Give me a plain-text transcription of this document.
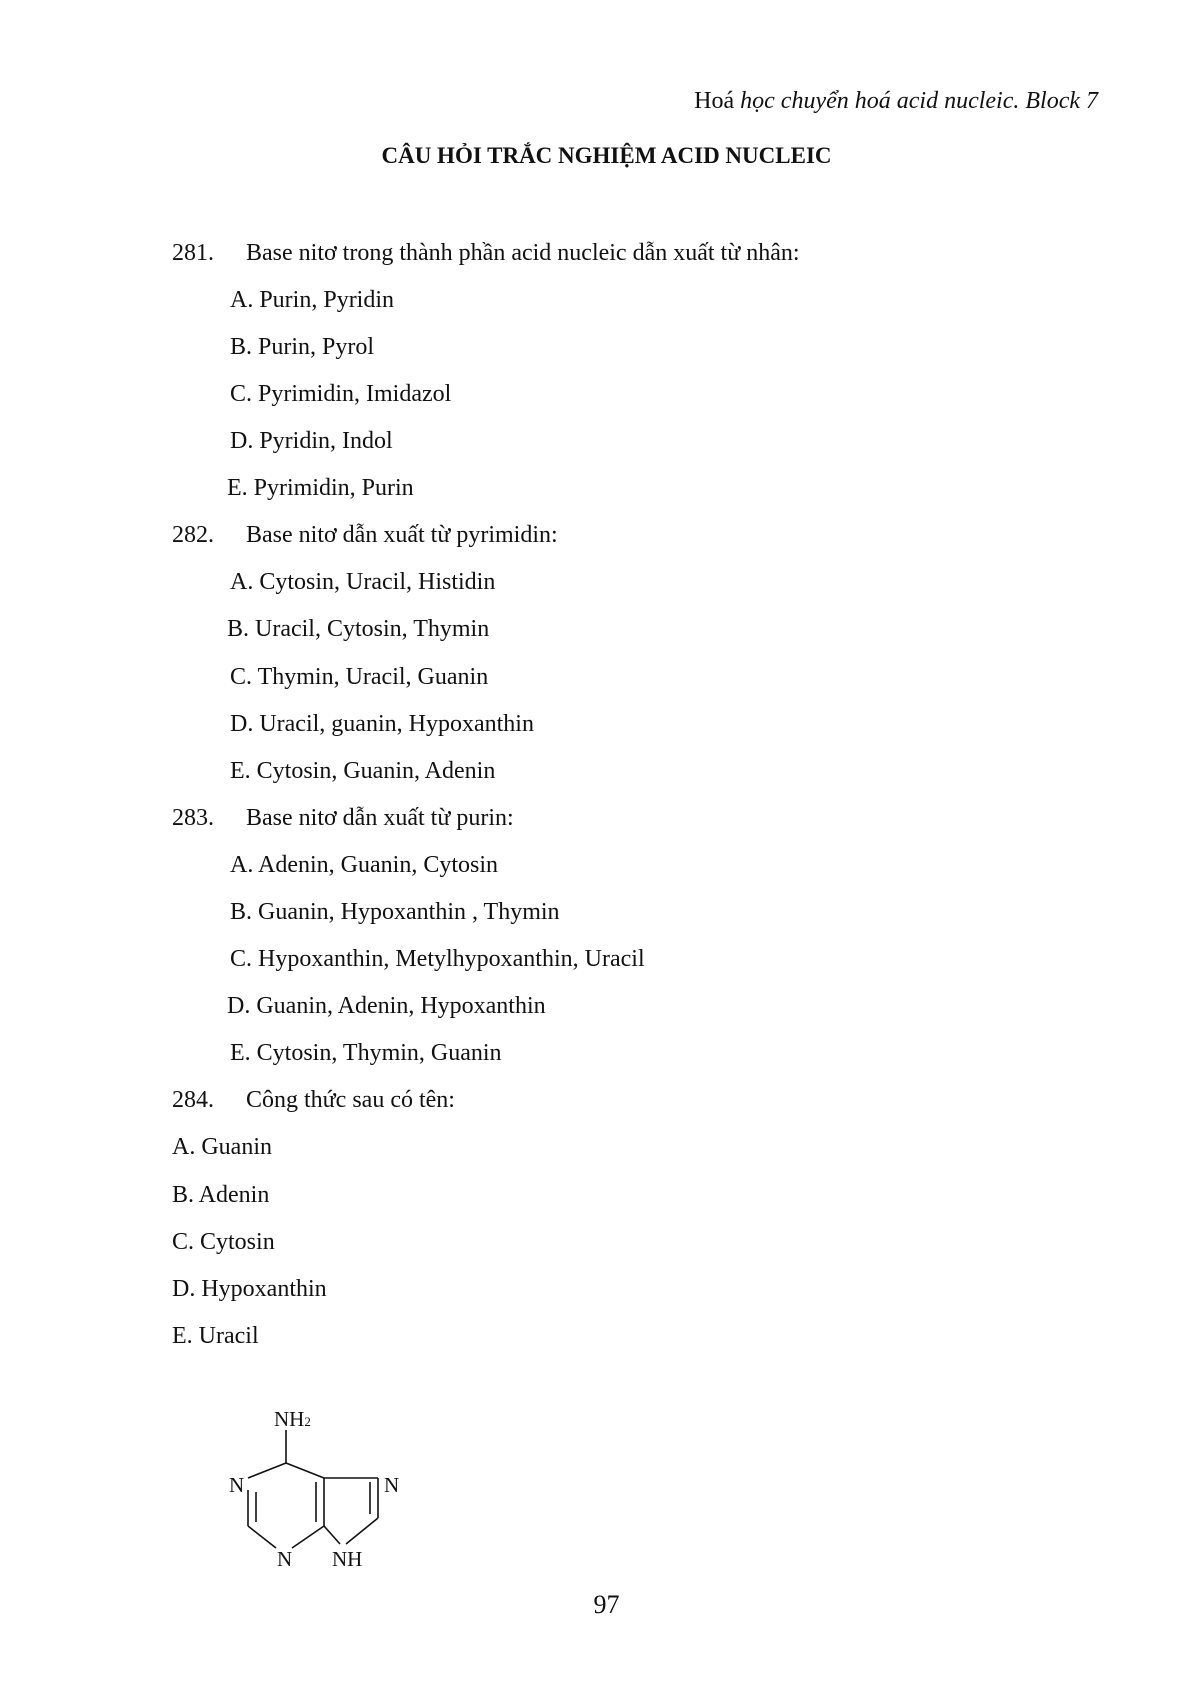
Hoá học chuyển hoá acid nucleic. Block 7
CÂU HỎI TRẮC NGHIỆM ACID NUCLEIC
281. Base nitơ trong thành phần acid nucleic dẫn xuất từ nhân:
A. Purin, Pyridin
B. Purin, Pyrol
C. Pyrimidin, Imidazol
D. Pyridin, Indol
E. Pyrimidin, Purin
282. Base nitơ dẫn xuất từ pyrimidin:
A. Cytosin, Uracil, Histidin
B. Uracil, Cytosin, Thymin
C. Thymin, Uracil, Guanin
D. Uracil, guanin, Hypoxanthin
E. Cytosin, Guanin, Adenin
283. Base nitơ dẫn xuất từ purin:
A. Adenin, Guanin, Cytosin
B. Guanin, Hypoxanthin , Thymin
C. Hypoxanthin, Metylhypoxanthin, Uracil
D. Guanin, Adenin, Hypoxanthin
E. Cytosin, Thymin, Guanin
284. Công thức sau có tên:
A. Guanin
B. Adenin
C. Cytosin
D. Hypoxanthin
E. Uracil
NH2
N	N
N NH
97
